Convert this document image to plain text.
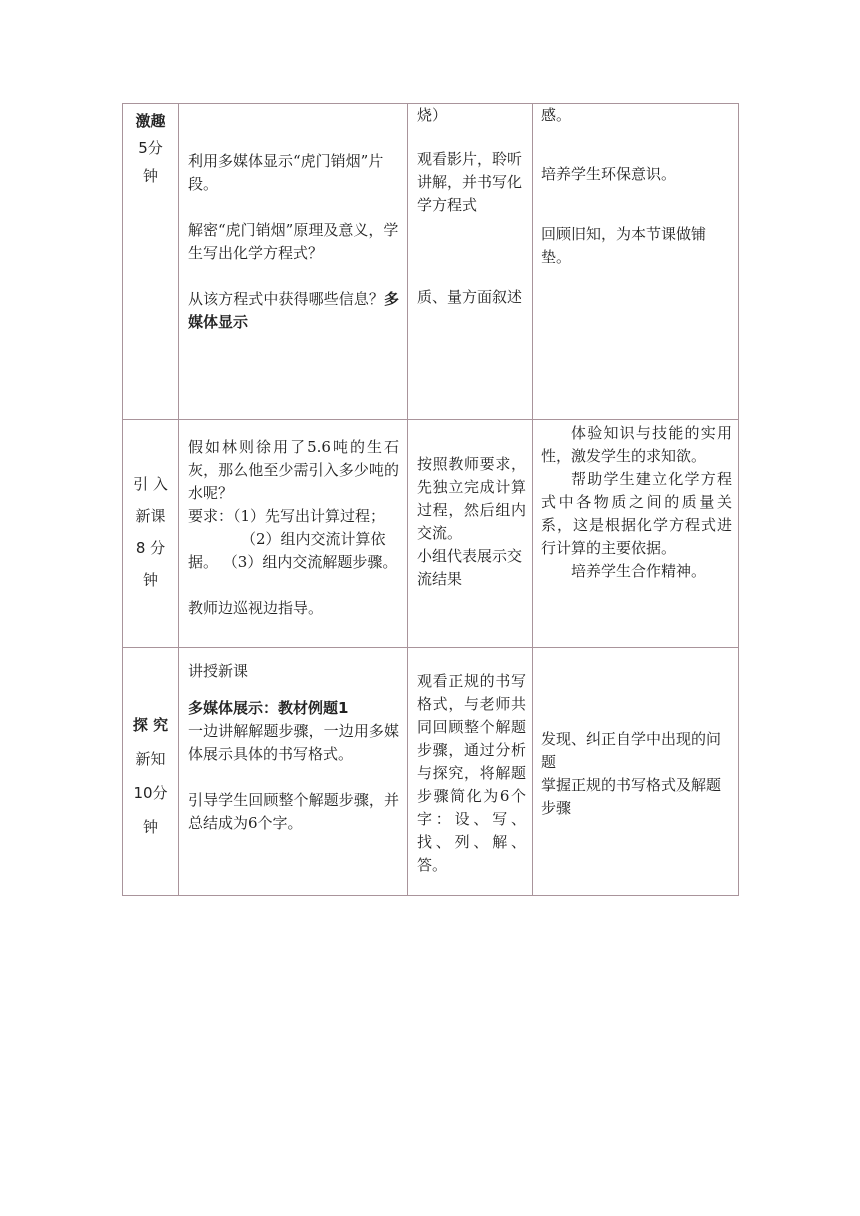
激趣
5分
钟	利用多媒体显示“虎门销烟”片段。
解密“虎门销烟”原理及意义，学生写出化学方程式？
从该方程式中获得哪些信息？多媒体显示	烧）
观看影片，聆听讲解，并书写化学方程式
质、量方面叙述	感。
培养学生环保意识。
回顾旧知，为本节课做铺垫。

引 入
新课
8 分
钟	假如林则徐用了5.6吨的生石灰，那么他至少需引入多少吨的水呢？
要求：（1）先写出计算过程；
（2）组内交流计算依据。 （3）组内交流解题步骤。
教师边巡视边指导。	按照教师要求，先独立完成计算过程，然后组内交流。
小组代表展示交流结果	体验知识与技能的实用性，激发学生的求知欲。
帮助学生建立化学方程式中各物质之间的质量关系，这是根据化学方程式进行计算的主要依据。
培养学生合作精神。

探 究
新知
10分
钟	讲授新课
多媒体展示：教材例题1
一边讲解解题步骤，一边用多媒体展示具体的书写格式。
引导学生回顾整个解题步骤，并总结成为6个字。	观看正规的书写格式，与老师共同回顾整个解题步骤，通过分析与探究，将解题步骤简化为6个字：设、写、找、列、解、答。	发现、纠正自学中出现的问题
掌握正规的书写格式及解题步骤
